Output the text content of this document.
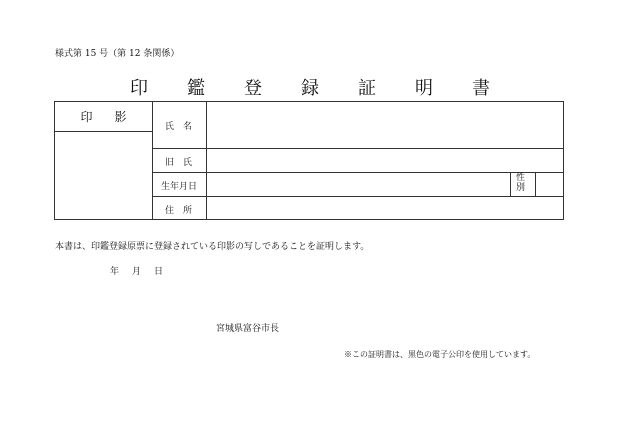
様式第 15 号（第 12 条関係）
印 鑑 登 録 証 明 書
印 影
氏　名
旧　氏
生年月日
住　所
性
別
本書は、印鑑登録原票に登録されている印影の写しであることを証明します。
年 月 日
宮城県富谷市長
※この証明書は、黒色の電子公印を使用しています。
